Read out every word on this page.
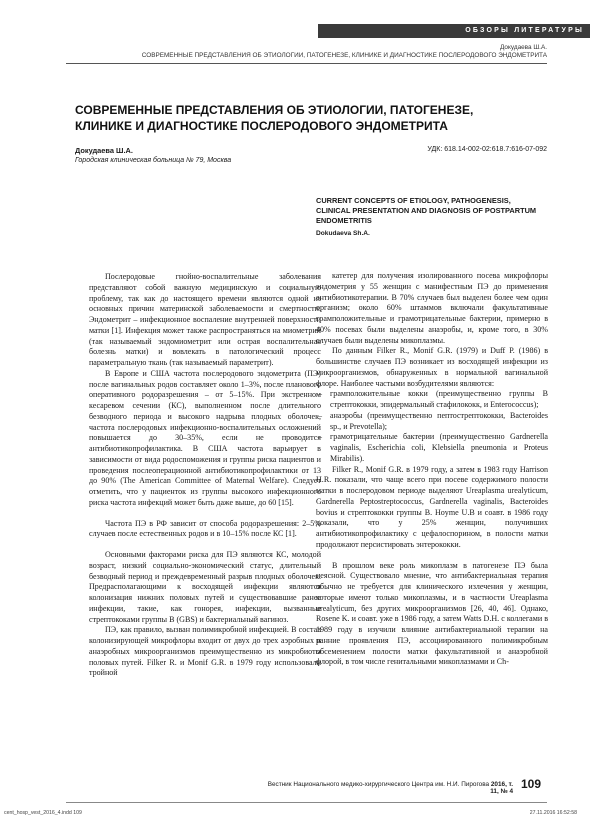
ОБЗОРЫ ЛИТЕРАТУРЫ
Докудаева Ш.А.
СОВРЕМЕННЫЕ ПРЕДСТАВЛЕНИЯ ОБ ЭТИОЛОГИИ, ПАТОГЕНЕЗЕ, КЛИНИКЕ И ДИАГНОСТИКЕ ПОСЛЕРОДОВОГО ЭНДОМЕТРИТА
СОВРЕМЕННЫЕ ПРЕДСТАВЛЕНИЯ ОБ ЭТИОЛОГИИ, ПАТОГЕНЕЗЕ,
КЛИНИКЕ И ДИАГНОСТИКЕ ПОСЛЕРОДОВОГО ЭНДОМЕТРИТА
Докудаева Ш.А.
Городская клиническая больница № 79, Москва
УДК: 618.14-002-02:618.7:616-07-092
CURRENT CONCEPTS OF ETIOLOGY, PATHOGENESIS,
CLINICAL PRESENTATION AND DIAGNOSIS OF POSTPARTUM
ENDOMETRITIS
Dokudaeva Sh.A.

Послеродовые гнойно-воспалительные заболевания представляют собой важную медицинскую и социальную проблему, так как до настоящего времени являются одной из основных причин материнской заболеваемости и смертности. Эндометрит – инфекционное воспаление внутренней поверхности матки [1]. Инфекция может также распространяться на миометрий (так называемый эндомиометрит или острая воспалительная болезнь матки) и вовлекать в патологический процесс параметральную ткань (так называемый параметрит).

В Европе и США частота послеродового эндометрита (ПЭ) после вагинальных родов составляет около 1–3%, после планового оперативного родоразрешения – от 5–15%. При экстренном кесаревом сечении (КС), выполненном после длительного безводного периода и высокого надрыва плодных оболочек, частота послеродовых инфекционно-воспалительных осложнений повышается до 30–35%, если не проводится антибиотикопрофилактика. В США частота варьирует в зависимости от вида родоспоможения и группы риска пациентов и проведения послеоперационной антибиотикопрофилактики от 13 до 90% (The American Committee of Maternal Welfare). Следует отметить, что у пациенток из группы высокого инфекционного риска частота инфекций может быть даже выше, до 60 [15].

Частота ПЭ в РФ зависит от способа родоразрешения: 2–5% случаев после естественных родов и в 10–15% после КС [1].

Основными факторами риска для ПЭ являются КС, молодой возраст, низкий социально-экономический статус, длительный безводный период и преждевременный разрыв плодных оболочек. Предрасполагающими к восходящей инфекции являются колонизация нижних половых путей и существовавшие ранее инфекции, такие, как гонорея, инфекции, вызванные стрептококами группы B (GBS) и бактериальный вагиноз.

ПЭ, как правило, вызван полимикробной инфекцией. В состав колонизирующей микрофлоры входит от двух до трех аэробных и анаэробных микроорганизмов преимущественно из микробиоты половых путей. Filker R. и Monif G.R. в 1979 году использовали тройной

катетер для получения изолированного посева микрофлоры эндометрия у 55 женщин с манифестным ПЭ до применения антибиотикотерапии. В 70% случаев был выделен более чем один организм; около 60% штаммов включали факультативные грамположительные и грамотрицательные бактерии, примерно в 40% посевах были выделены анаэробы, и, кроме того, в 30% случаев были выделены микоплазмы.

По данным Filker R., Monif G.R. (1979) и Duff P. (1986) в большинстве случаев ПЭ возникает из восходящей инфекции из микроорганизмов, обнаруженных в нормальной вагинальной флоре. Наиболее частыми возбудителями являются:

– грамположительные кокки (преимущественно группы В стрептококки, эпидермальный стафилококк, и Enterococcus);
– анаэробы (преимущественно пептострептококки, Bacteroides sp., и Prevotella);
– грамотрицательные бактерии (преимущественно Gardnerella vaginalis, Escherichia coli, Klebsiella pneumonia и Proteus Mirabilis).

Filker R., Monif G.R. в 1979 году, а затем в 1983 году Harrison H.R. показали, что чаще всего при посеве содержимого полости матки в послеродовом периоде выделяют Ureaplasma urealyticum, Gardnerella Peptostreptococcus, Gardnerella vaginalis, Bacteroides bovius и стрептококки группы B. Hoyme U.B и соавт. в 1986 году доказали, что у 25% женщин, получивших антибиотикопрофилактику с цефалоспорином, в полости матки продолжают персистировать энтерококки.

В прошлом веке роль микоплазм в патогенезе ПЭ была неясной. Существовало мнение, что антибактериальная терапия обычно не требуется для клинического излечения у женщин, которые имеют только микоплазмы, и в частности Ureaplasma urealyticum, без других микроорганизмов [26, 40, 46]. Однако, Rosene K. и соавт. уже в 1986 году, а затем Watts D.H. с коллегами в 1989 году в изучили влияние антибактериальной терапии на ранние проявления ПЭ, ассоциированного полимикробным обсеменением полости матки факультативной и анаэробной флорой, в том числе генитальными микоплазмами и Ch-

Вестник Национального медико-хирургического Центра им. Н.И. Пирогова 2016, т. 11, № 4
109
cent_hosp_vest_2016_4.indd 109	27.11.2016 16:52:58
